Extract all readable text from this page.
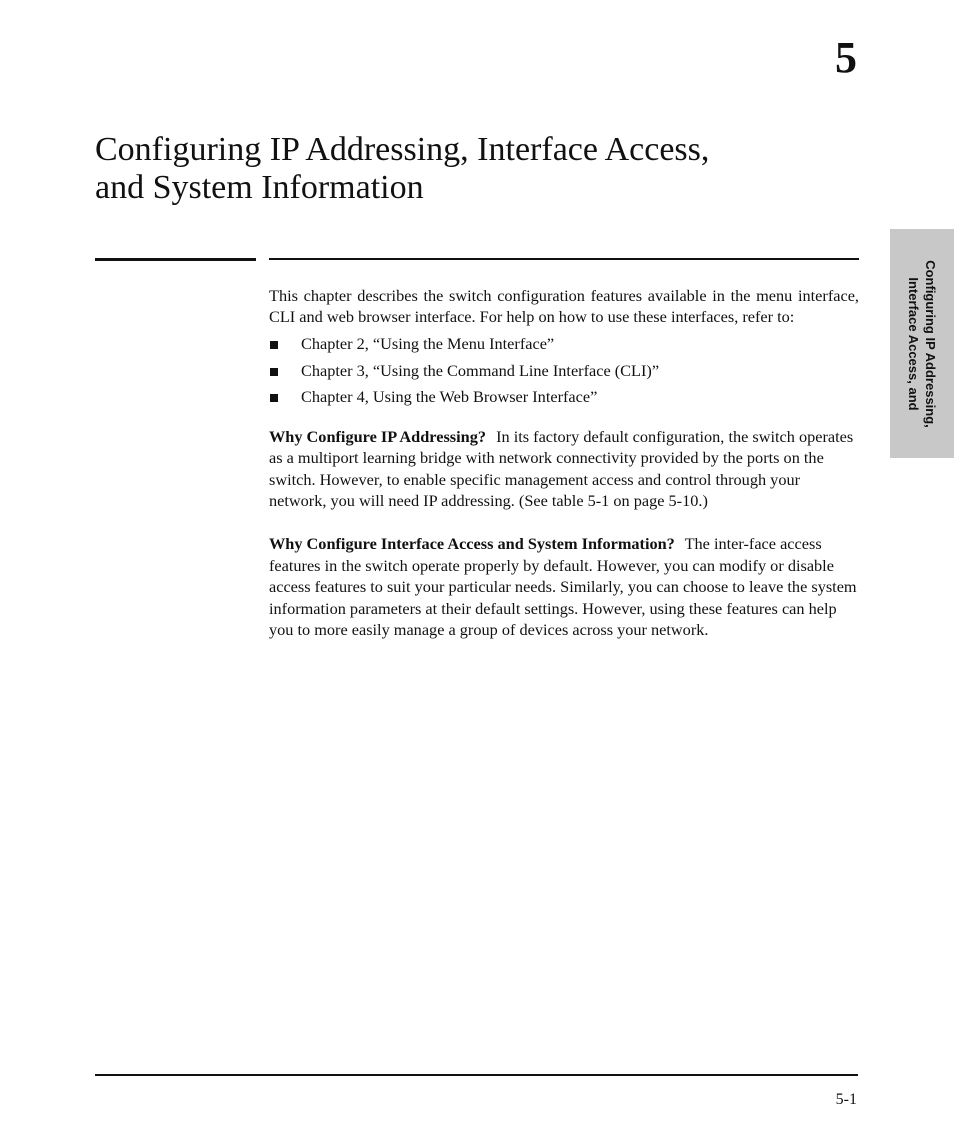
5
Configuring IP Addressing, Interface Access,
and System Information
Configuring IP Addressing,
Interface Access, and

This chapter describes the switch configuration features available in the menu interface, CLI and web browser interface. For help on how to use these interfaces, refer to:

Chapter 2, “Using the Menu Interface”
Chapter 3, “Using the Command Line Interface (CLI)”
Chapter 4, Using the Web Browser Interface”

Why Configure IP Addressing? In its factory default configuration, the switch operates as a multiport learning bridge with network connectivity provided by the ports on the switch. However, to enable specific management access and control through your network, you will need IP addressing. (See table 5-1 on page 5-10.)

Why Configure Interface Access and System Information? The inter-face access features in the switch operate properly by default. However, you can modify or disable access features to suit your particular needs. Similarly, you can choose to leave the system information parameters at their default settings. However, using these features can help you to more easily manage a group of devices across your network.

5-1
